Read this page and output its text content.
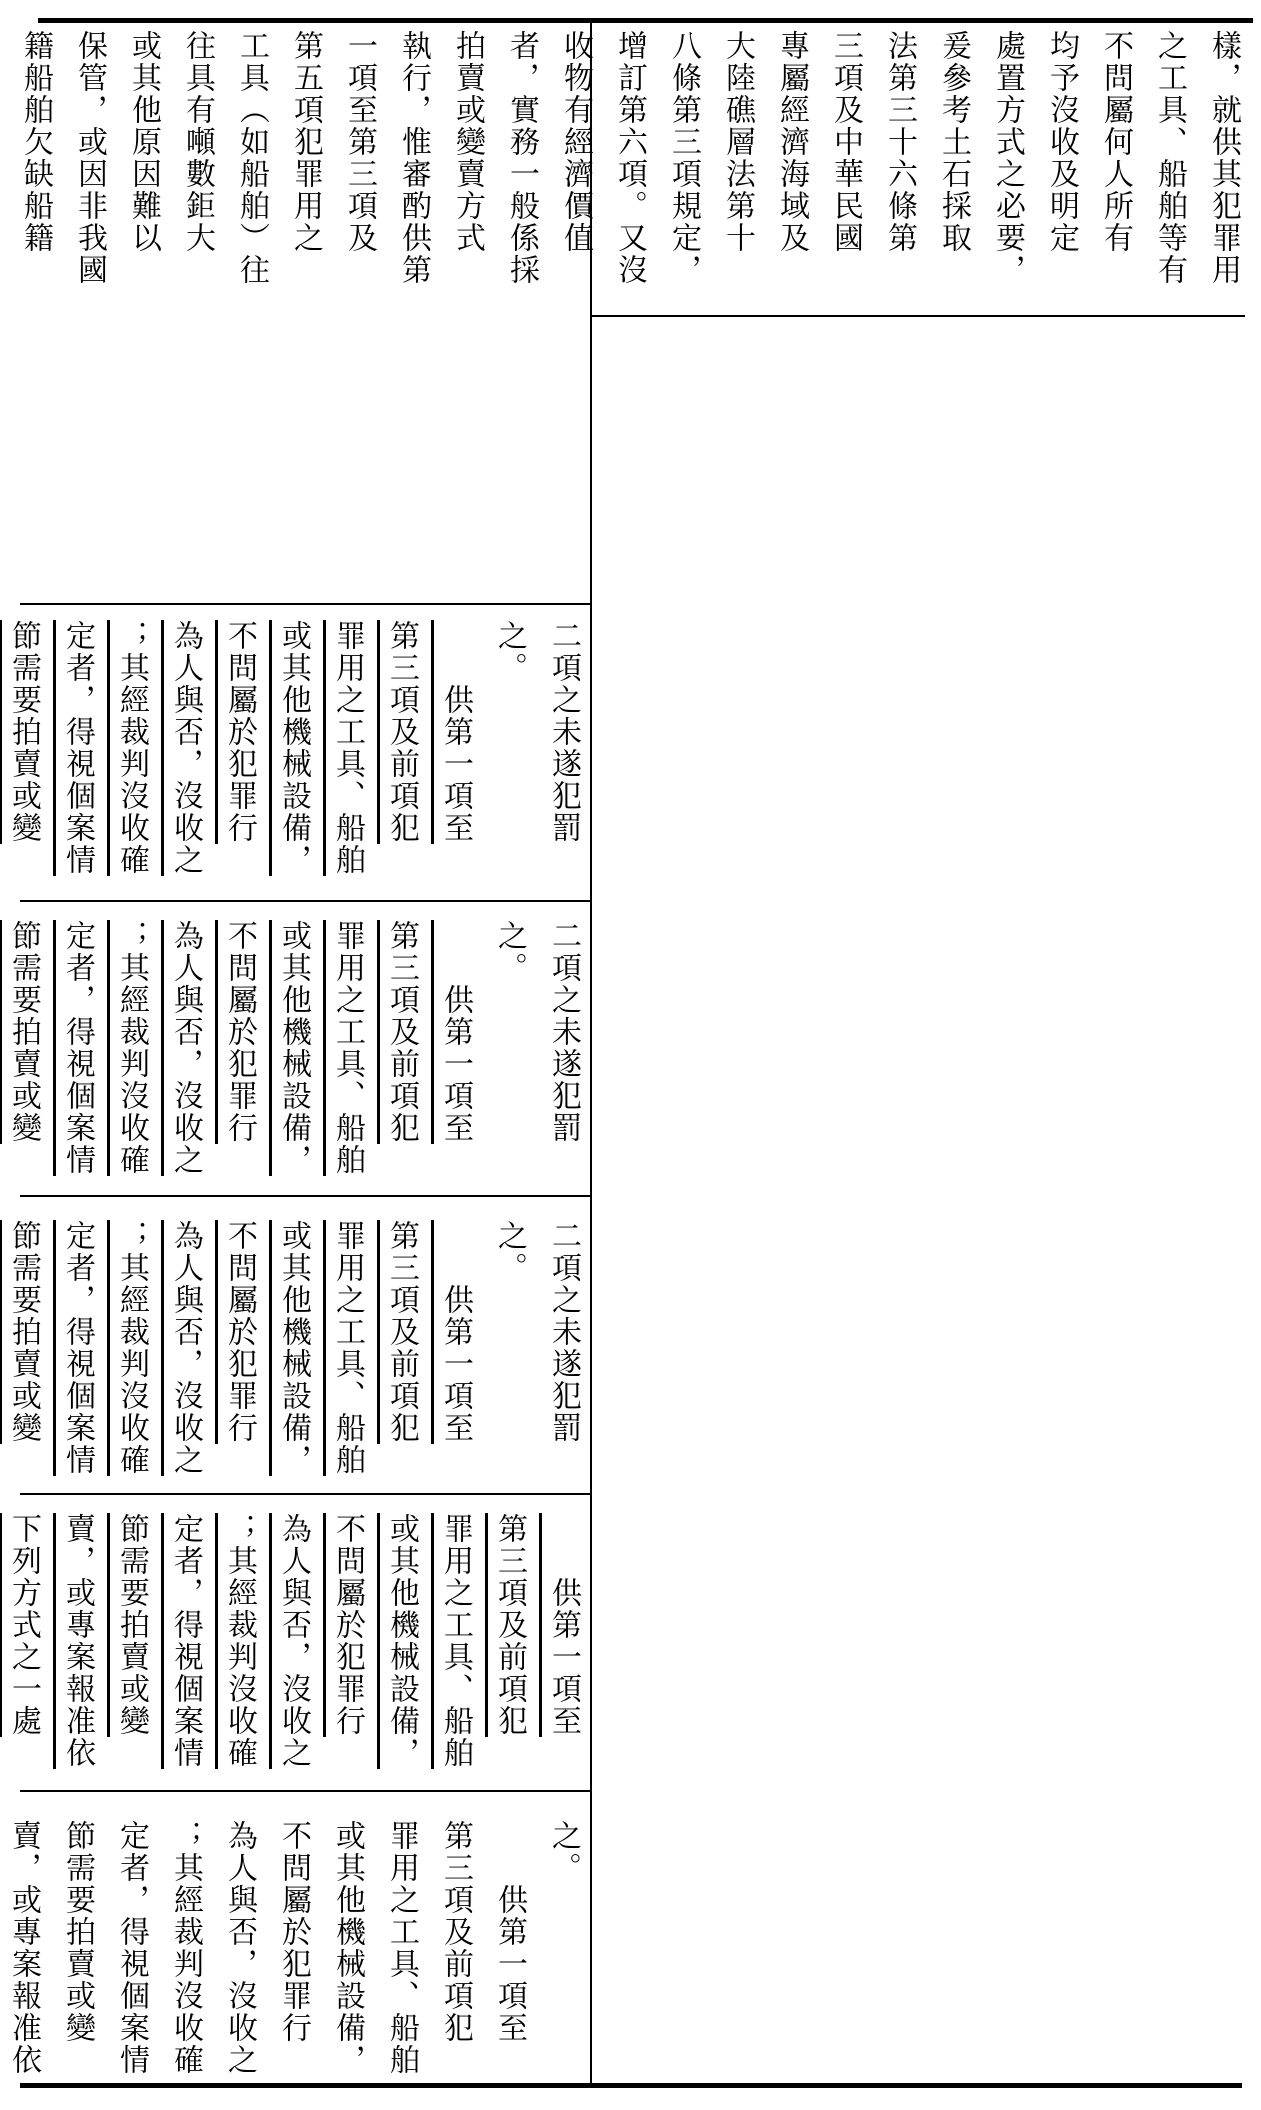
之。
　　供第一項至
第三項及前項犯
罪用之工具、船舶
或其他機械設備，
不問屬於犯罪行
為人與否，沒收之
；其經裁判沒收確
定者，得視個案情
節需要拍賣或變
賣，或專案報准依
　　供第一項至
第三項及前項犯
罪用之工具、船舶
或其他機械設備，
不問屬於犯罪行
為人與否，沒收之
；其經裁判沒收確
定者，得視個案情
節需要拍賣或變
賣，或專案報准依
下列方式之一處
二項之未遂犯罰
之。
　　供第一項至
第三項及前項犯
罪用之工具、船舶
或其他機械設備，
不問屬於犯罪行
為人與否，沒收之
；其經裁判沒收確
定者，得視個案情
節需要拍賣或變
二項之未遂犯罰
之。
　　供第一項至
第三項及前項犯
罪用之工具、船舶
或其他機械設備，
不問屬於犯罪行
為人與否，沒收之
；其經裁判沒收確
定者，得視個案情
節需要拍賣或變
二項之未遂犯罰
之。
　　供第一項至
第三項及前項犯
罪用之工具、船舶
或其他機械設備，
不問屬於犯罪行
為人與否，沒收之
；其經裁判沒收確
定者，得視個案情
節需要拍賣或變
樣，就供其犯罪用
之工具、船舶等有
不問屬何人所有
均予沒收及明定
處置方式之必要，
爰參考土石採取
法第三十六條第
三項及中華民國
專屬經濟海域及
大陸礁層法第十
八條第三項規定，
增訂第六項。又沒
收物有經濟價值
者，實務一般係採
拍賣或變賣方式
執行，惟審酌供第
一項至第三項及
第五項犯罪用之
工具（如船舶）往
往具有噸數鉅大
或其他原因難以
保管，或因非我國
籍船舶欠缺船籍
